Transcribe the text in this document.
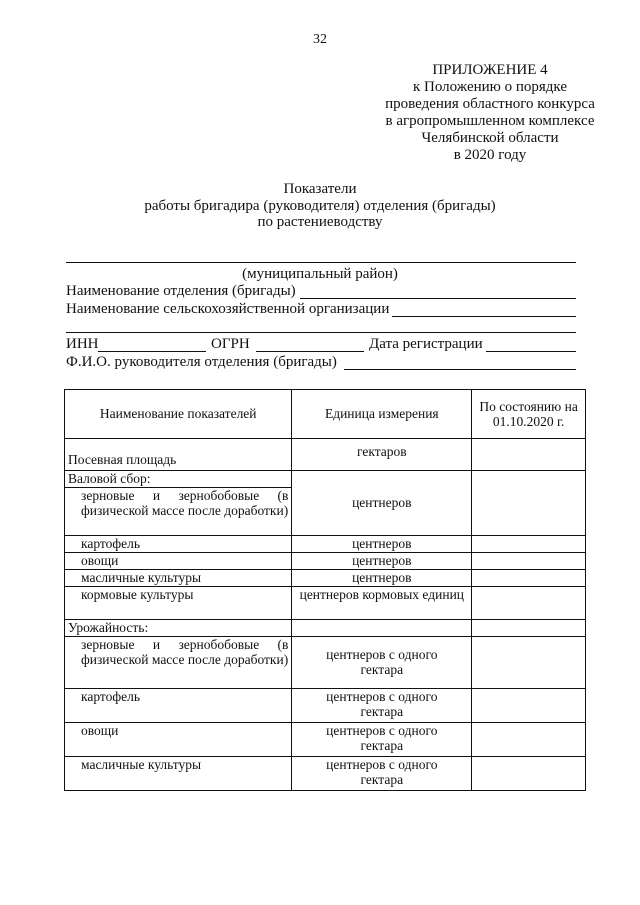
32
ПРИЛОЖЕНИЕ 4
к Положению о порядке
проведения областного конкурса
в агропромышленном комплексе
Челябинской области
в 2020 году
Показатели
работы бригадира (руководителя) отделения (бригады)
по растениеводству
(муниципальный район)
Наименование отделения (бригады)
Наименование сельскохозяйственной организации
ИНН	ОГРН	Дата регистрации
Ф.И.О. руководителя отделения (бригады)
Наименование показателей	Единица измерения	По состоянию на 01.10.2020 г.
Посевная площадь	гектаров	
Валовой сбор:	центнеров	
зерновые и зернобобовые (в физической массе после доработки)		
картофель	центнеров	
овощи	центнеров	
масличные культуры	центнеров	
кормовые культуры	центнеров кормовых единиц	
Урожайность:		
зерновые и зернобобовые (в физической массе после доработки)	центнеров с одного гектара	
картофель	центнеров с одного гектара	
овощи	центнеров с одного гектара	
масличные культуры	центнеров с одного гектара	
